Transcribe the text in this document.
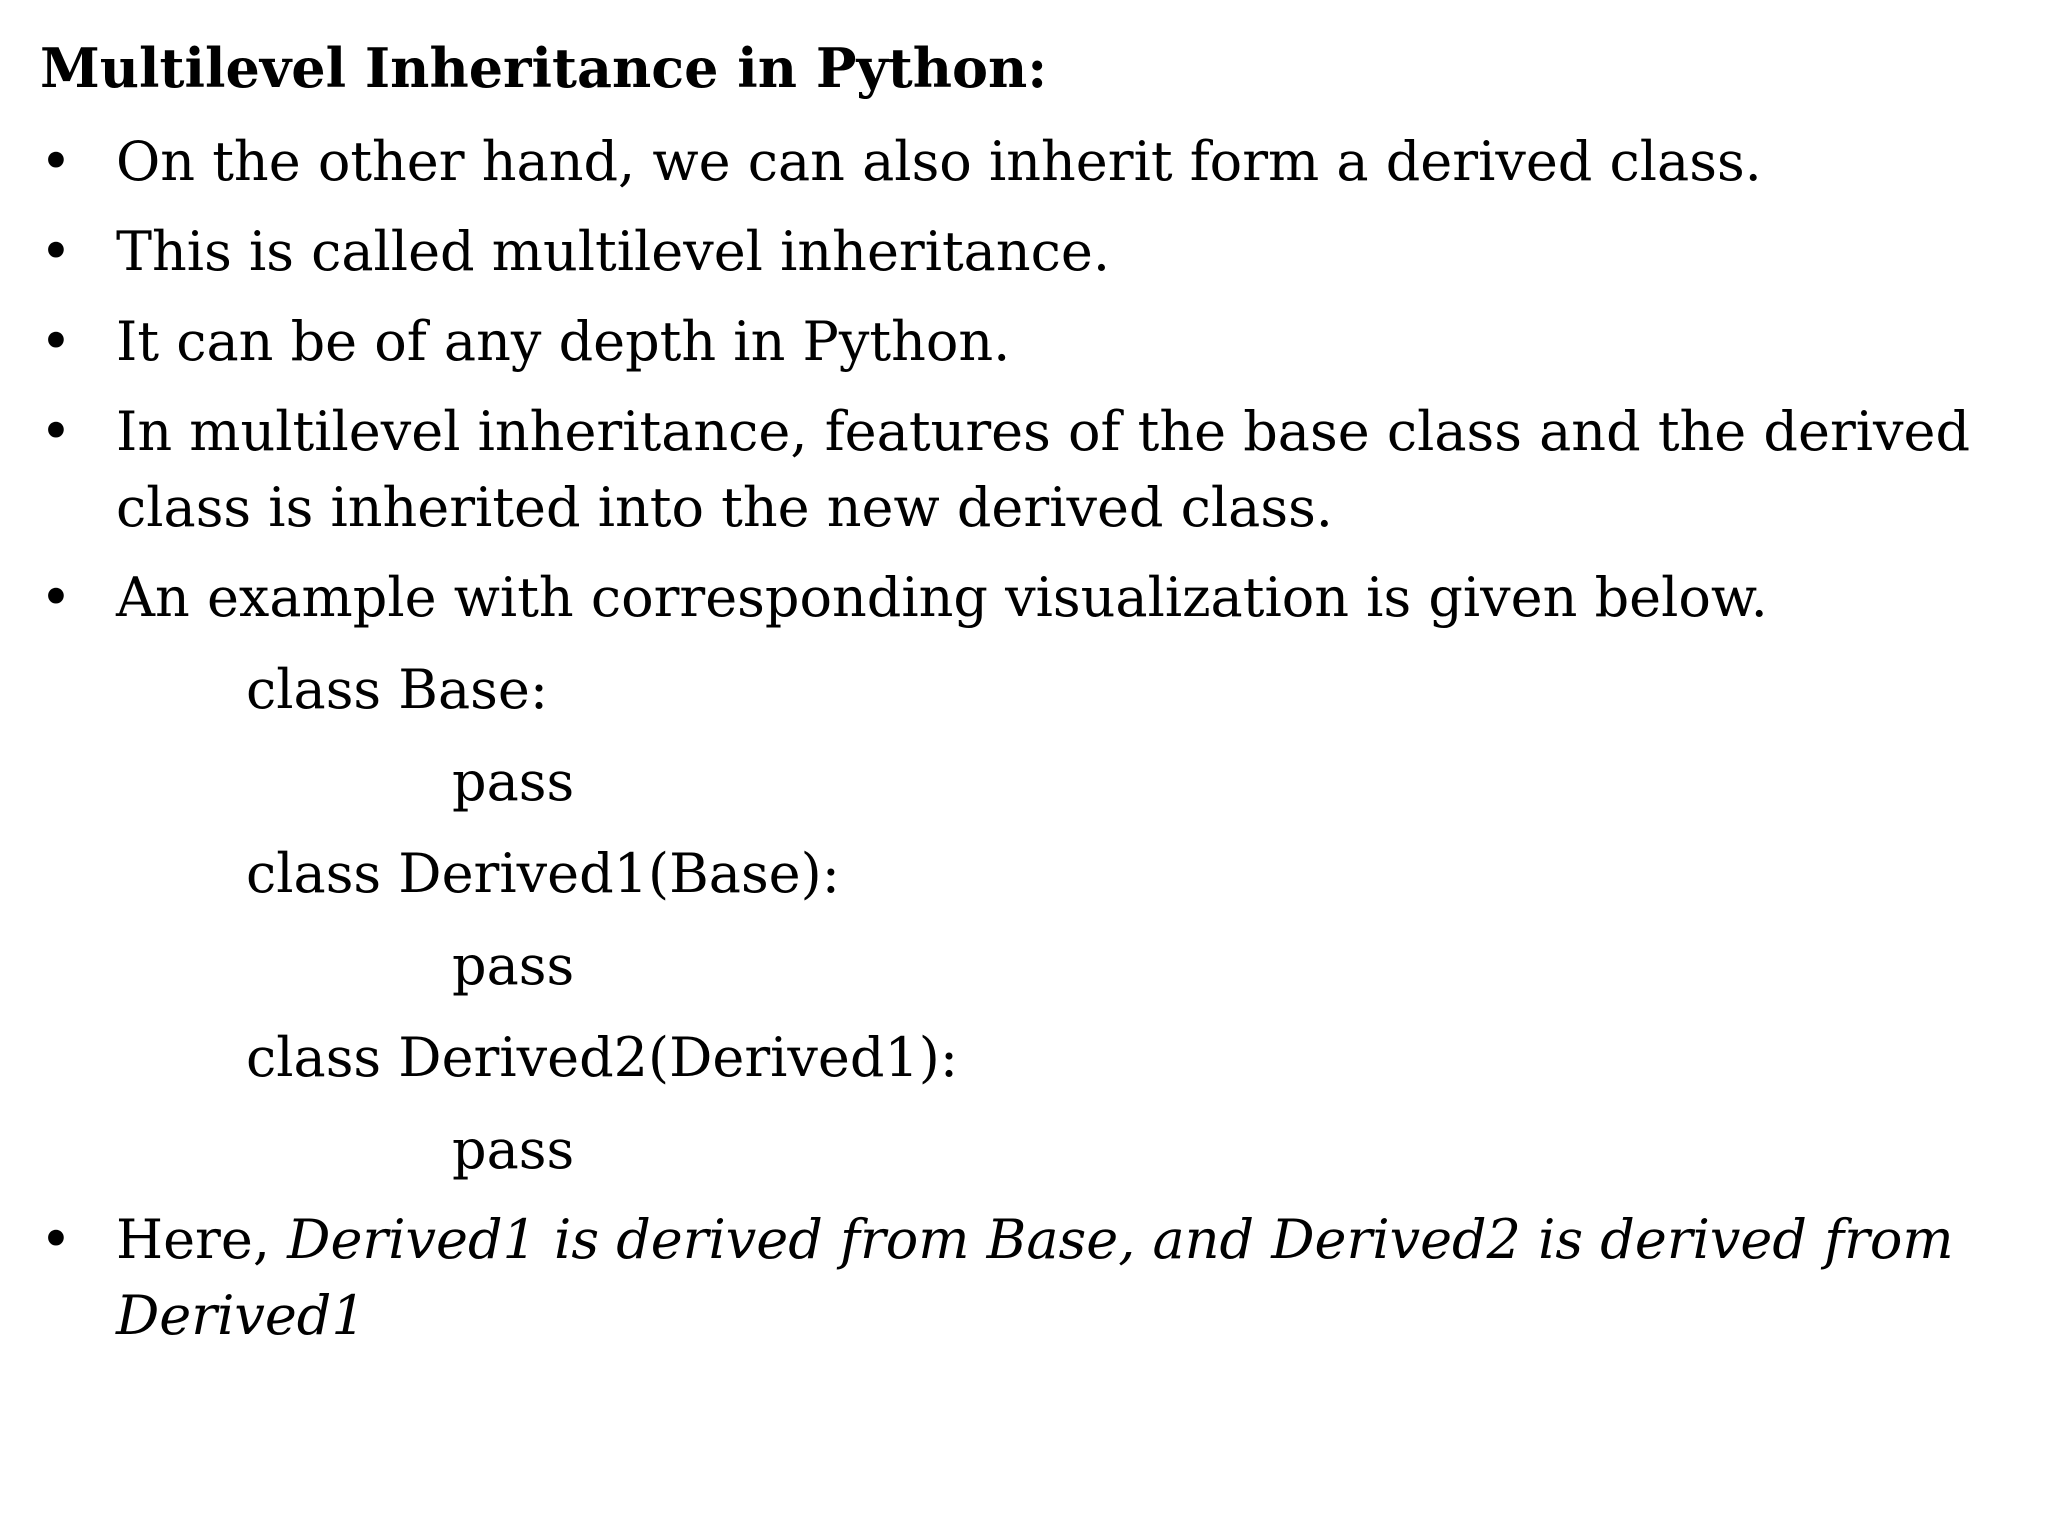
Multilevel Inheritance in Python:
• On the other hand, we can also inherit form a derived class.
• This is called multilevel inheritance.
• It can be of any depth in Python.
• In multilevel inheritance, features of the base class and the derived class is inherited into the new derived class.
• An example with corresponding visualization is given below.
class Base:
pass
class Derived1(Base):
pass
class Derived2(Derived1):
pass
• Here, Derived1 is derived from Base, and Derived2 is derived from Derived1
